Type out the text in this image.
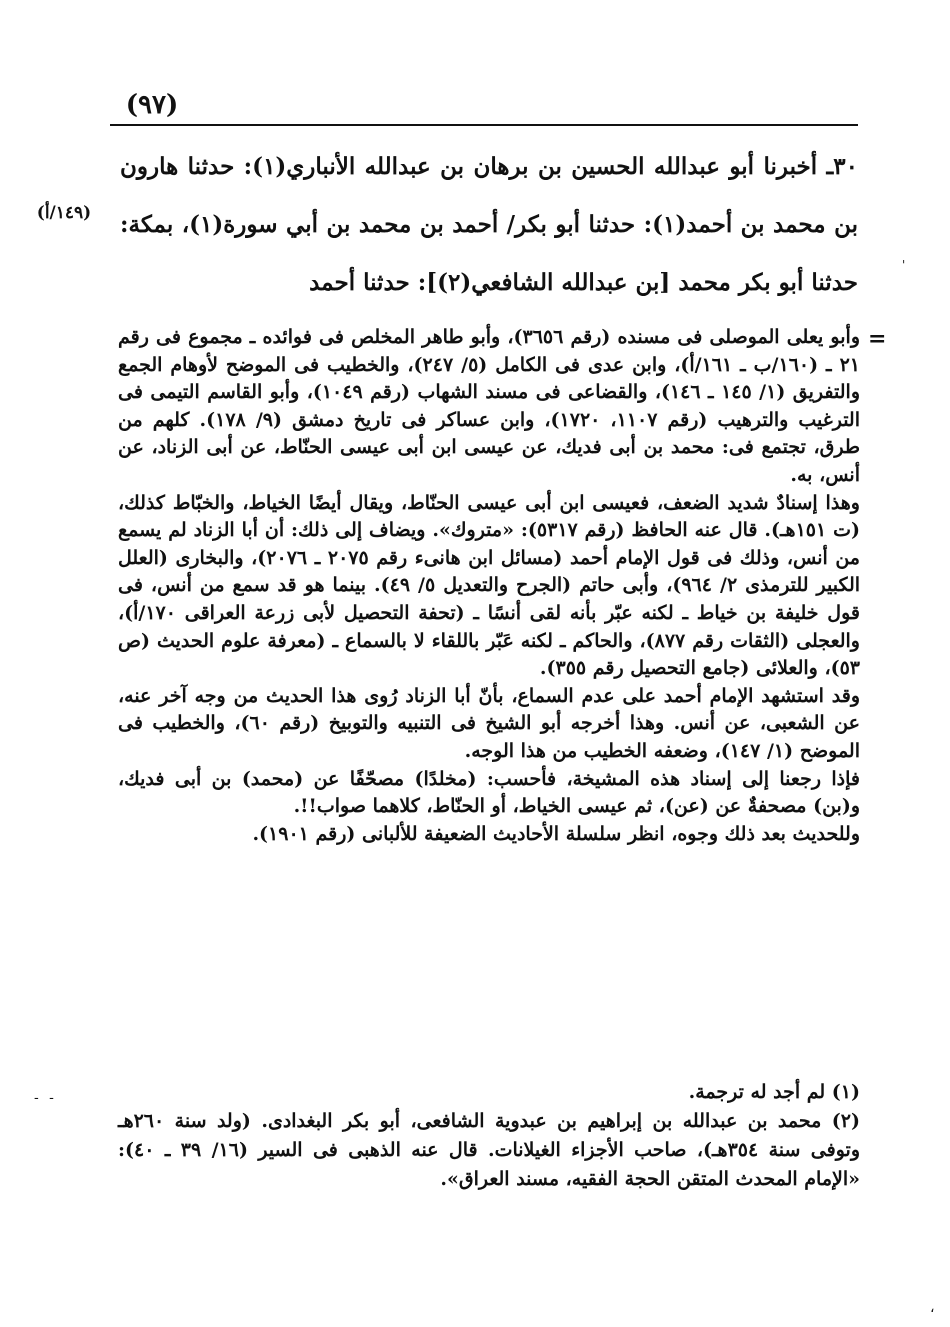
(٩٧)

٣٠ـ أخبرنا أبو عبدالله الحسين بن برهان بن عبدالله الأنباري(١): حدثنا هارون بن محمد بن أحمد(١): حدثنا أبو بكر/ أحمد بن محمد بن أبي سورة(١)، بمكة: حدثنا أبو بكر محمد [بن عبدالله الشافعي(٢)]: حدثنا أحمد

(١٤٩/أ)
'
=

وأبو يعلى الموصلى فى مسنده (رقم ٣٦٥٦)، وأبو طاهر المخلص فى فوائده ـ مجموع فى رقم ٢١ ـ (١٦٠/ب ـ ١٦١/أ)، وابن عدى فى الكامل (٥/ ٢٤٧)، والخطيب فى الموضح لأوهام الجمع والتفريق (١/ ١٤٥ ـ ١٤٦)، والقضاعى فى مسند الشهاب (رقم ١٠٤٩)، وأبو القاسم التيمى فى الترغيب والترهيب (رقم ١١٠٧، ١٧٢٠)، وابن عساكر فى تاريخ دمشق (٩/ ١٧٨). كلهم من طرق، تجتمع فى: محمد بن أبى فديك، عن عيسى ابن أبى عيسى الحنّاط، عن أبى الزناد، عن أنس، به.

وهذا إسنادٌ شديد الضعف، فعيسى ابن أبى عيسى الحنّاط، ويقال أيضًا الخياط، والخبّاط كذلك، (ت ١٥١هـ). قال عنه الحافظ (رقم ٥٣١٧): «متروك». ويضاف إلى ذلك: أن أبا الزناد لم يسمع من أنس، وذلك فى قول الإمام أحمد (مسائل ابن هانىء رقم ٢٠٧٥ ـ ٢٠٧٦)، والبخارى (العلل الكبير للترمذى ٢/ ٩٦٤)، وأبى حاتم (الجرح والتعديل ٥/ ٤٩). بينما هو قد سمع من أنس، فى قول خليفة بن خياط ـ لكنه عبّر بأنه لقى أنسًا ـ (تحفة التحصيل لأبى زرعة العراقى ١٧٠/أ)، والعجلى (الثقات رقم ٨٧٧)، والحاكم ـ لكنه عَبّر باللقاء لا بالسماع ـ (معرفة علوم الحديث (ص ٥٣)، والعلائى (جامع التحصيل رقم ٣٥٥).

وقد استشهد الإمام أحمد على عدم السماع، بأنّ أبا الزناد رُوى هذا الحديث من وجه آخر عنه، عن الشعبى، عن أنس. وهذا أخرجه أبو الشيخ فى التنبيه والتوبيخ (رقم ٦٠)، والخطيب فى الموضح (١/ ١٤٧)، وضعفه الخطيب من هذا الوجه.

فإذا رجعنا إلى إسناد هذه المشيخة، فأحسب: (مخلدًا) مصحّفًا عن (محمد) بن أبى فديك، و(بن) مصحفةٌ عن (عن)، ثم عيسى الخياط، أو الحنّاط، كلاهما صواب!!.

وللحديث بعد ذلك وجوه، انظر سلسلة الأحاديث الضعيفة للألبانى (رقم ١٩٠١).

- -	(١) لم أجد له ترجمة.

(٢) محمد بن عبدالله بن إبراهيم بن عبدوية الشافعى، أبو بكر البغدادى. (ولد سنة ٢٦٠هـ وتوفى سنة ٣٥٤هـ)، صاحب الأجزاء الغيلانات. قال عنه الذهبى فى السير (١٦/ ٣٩ ـ ٤٠): «الإمام المحدث المتقن الحجة الفقيه، مسند العراق».

،
